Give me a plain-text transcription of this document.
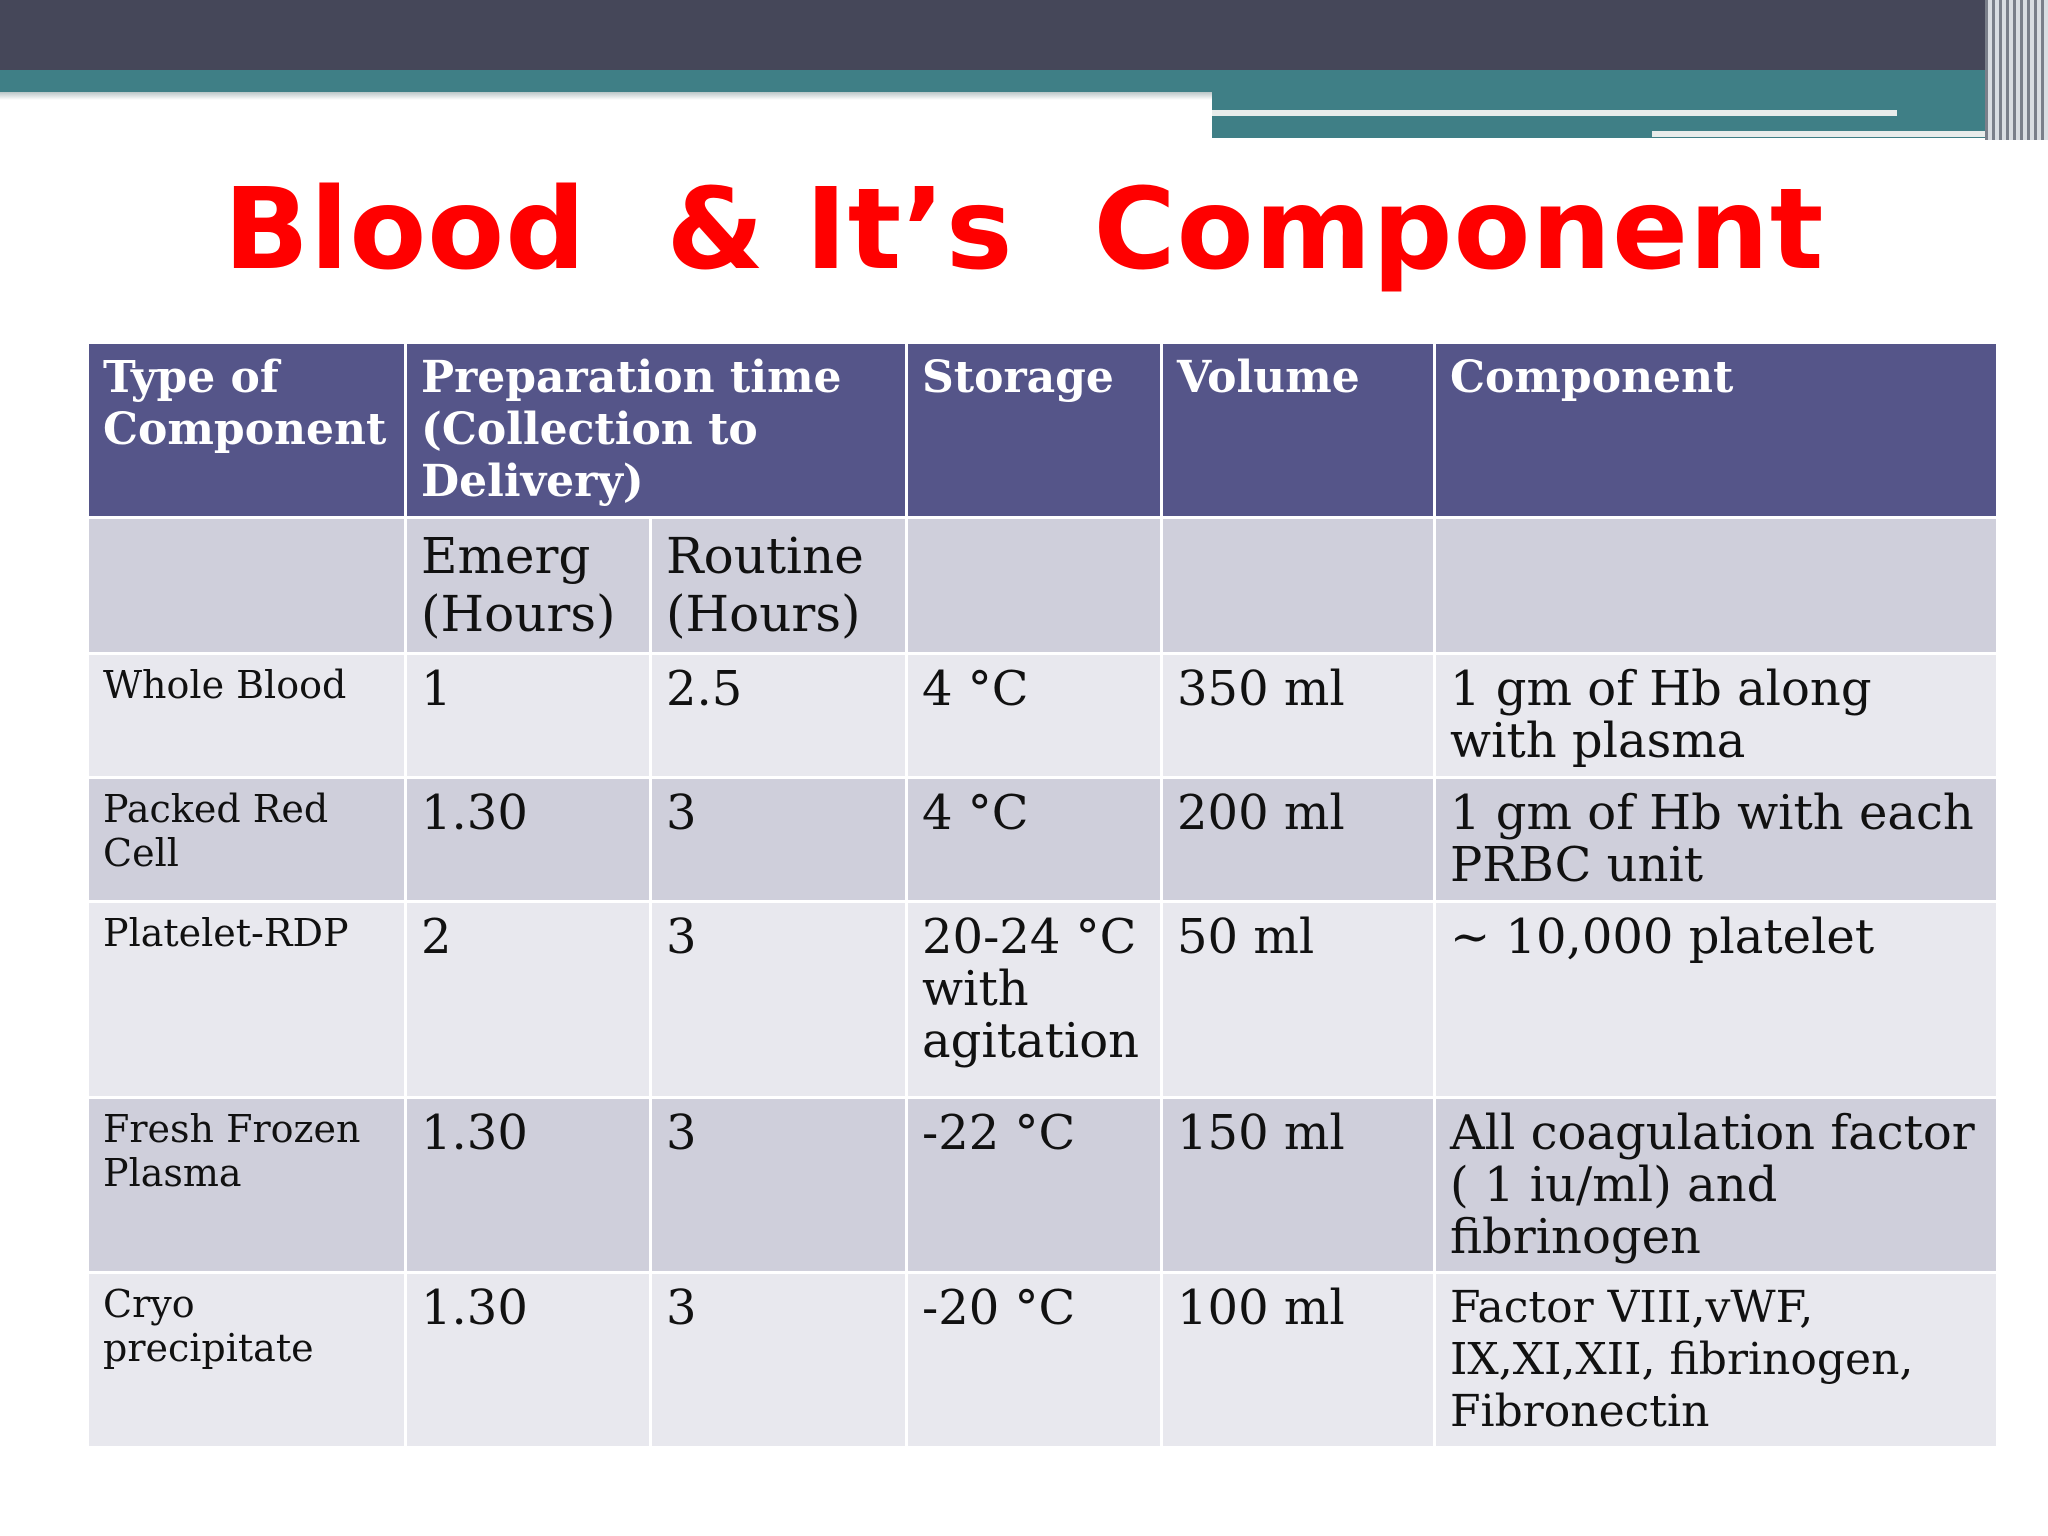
Blood  & It’s  Component
Type of Component	Preparation time (Collection to Delivery)		Storage	Volume	Component
	Emerg (Hours)	Routine (Hours)			
Whole Blood	1	2.5	4 °C	350 ml	1 gm of Hb along with plasma
Packed Red Cell	1.30	3	4 °C	200 ml	1 gm of Hb with each PRBC unit
Platelet-RDP	2	3	20-24 °C with agitation	50 ml	~ 10,000 platelet
Fresh Frozen Plasma	1.30	3	-22 °C	150 ml	All coagulation factor ( 1 iu/ml) and fibrinogen
Cryo precipitate	1.30	3	-20 °C	100 ml	Factor VIII,vWF, IX,XI,XII, fibrinogen, Fibronectin
